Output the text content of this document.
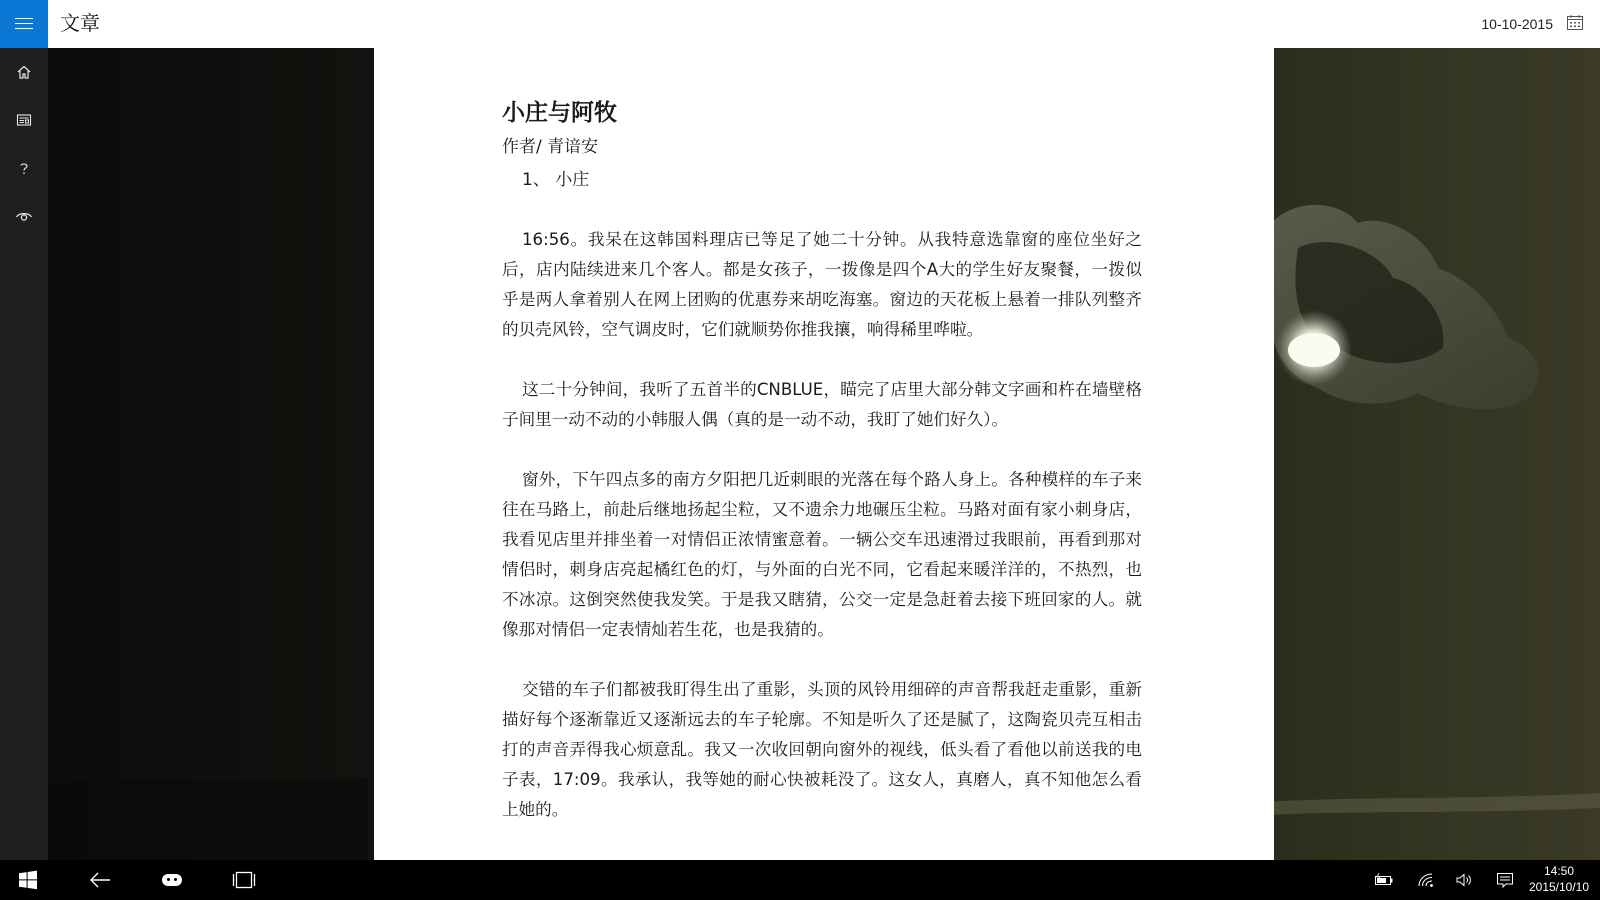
文章	10-10-2015
小庄与阿牧
作者/ 青谙安
1、 小庄

16:56。我呆在这韩国料理店已等足了她二十分钟。从我特意选靠窗的座位坐好之后，店内陆续进来几个客人。都是女孩子，一拨像是四个A大的学生好友聚餐，一拨似乎是两人拿着别人在网上团购的优惠券来胡吃海塞。窗边的天花板上悬着一排队列整齐的贝壳风铃，空气调皮时，它们就顺势你推我攘，响得稀里哗啦。

这二十分钟间，我听了五首半的CNBLUE，瞄完了店里大部分韩文字画和杵在墙壁格子间里一动不动的小韩服人偶（真的是一动不动，我盯了她们好久）。

窗外，下午四点多的南方夕阳把几近刺眼的光落在每个路人身上。各种模样的车子来往在马路上，前赴后继地扬起尘粒，又不遗余力地碾压尘粒。马路对面有家小刺身店，我看见店里并排坐着一对情侣正浓情蜜意着。一辆公交车迅速滑过我眼前，再看到那对情侣时，刺身店亮起橘红色的灯，与外面的白光不同，它看起来暖洋洋的，不热烈，也不冰凉。这倒突然使我发笑。于是我又瞎猜，公交一定是急赶着去接下班回家的人。就像那对情侣一定表情灿若生花，也是我猜的。

交错的车子们都被我盯得生出了重影，头顶的风铃用细碎的声音帮我赶走重影，重新描好每个逐渐靠近又逐渐远去的车子轮廓。不知是听久了还是腻了，这陶瓷贝壳互相击打的声音弄得我心烦意乱。我又一次收回朝向窗外的视线，低头看了看他以前送我的电子表，17:09。我承认，我等她的耐心快被耗没了。这女人，真磨人，真不知他怎么看上她的。

14:50
2015/10/10
